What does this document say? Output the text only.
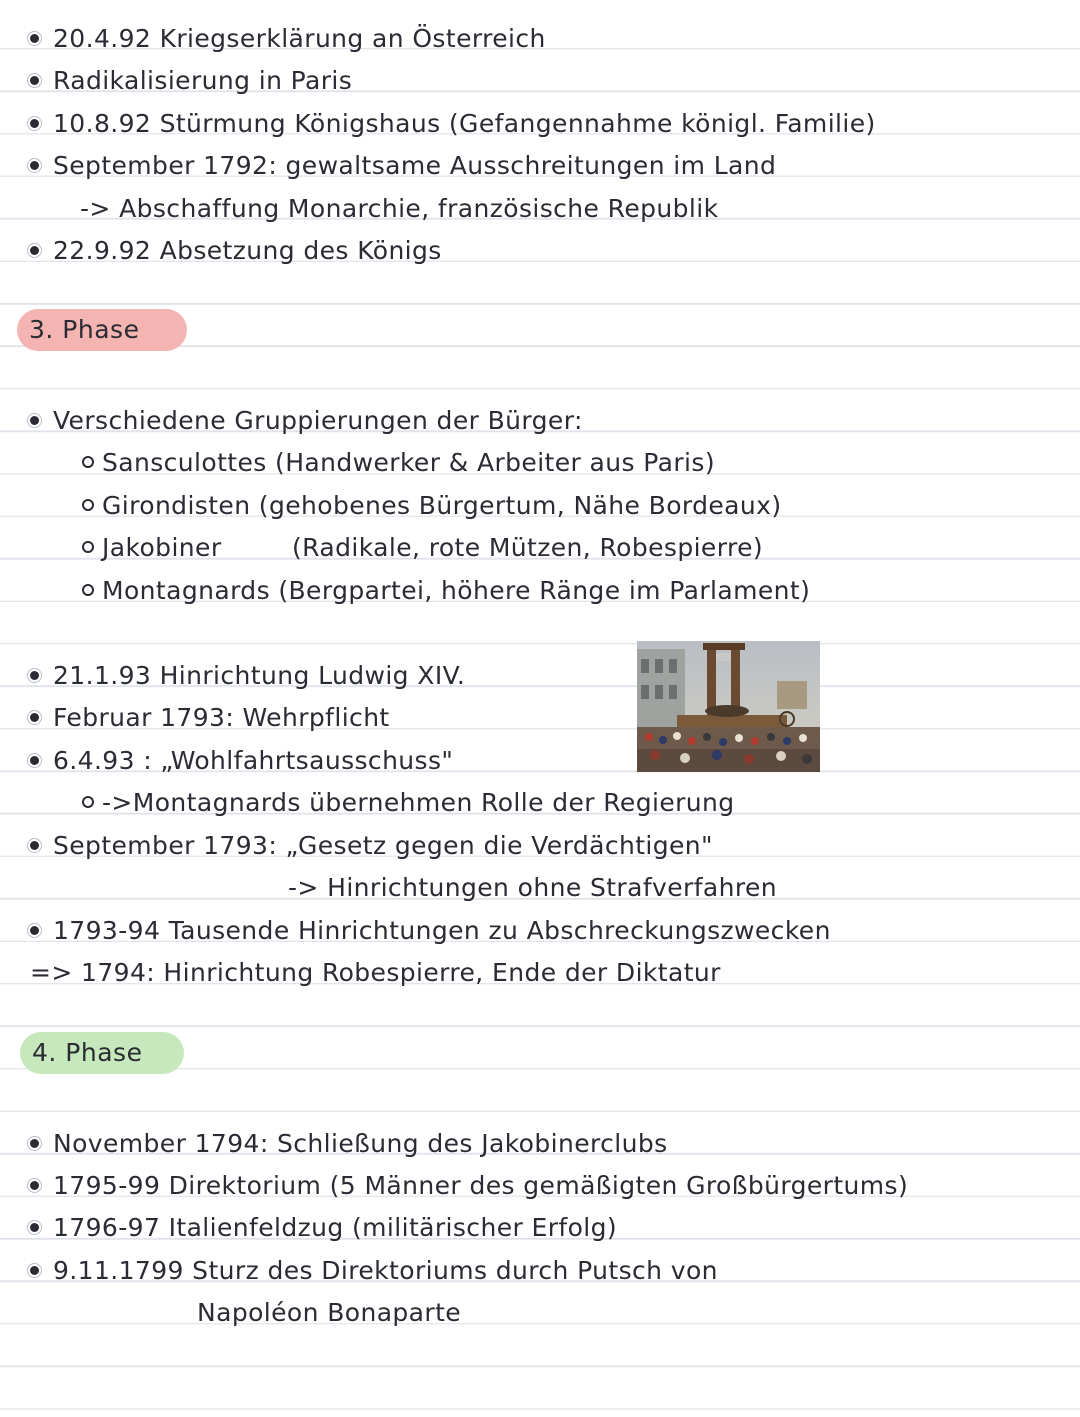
20.4.92 Kriegserklärung an Österreich
Radikalisierung in Paris
10.8.92 Stürmung Königshaus (Gefangennahme königl. Familie)
September 1792: gewaltsame Ausschreitungen im Land
-> Abschaffung Monarchie, französische Republik
22.9.92 Absetzung des Königs
3. Phase
Verschiedene Gruppierungen der Bürger:
Sansculottes (Handwerker & Arbeiter aus Paris)
Girondisten (gehobenes Bürgertum, Nähe Bordeaux)
Jakobiner	(Radikale, rote Mützen, Robespierre)
Montagnards (Bergpartei, höhere Ränge im Parlament)
21.1.93 Hinrichtung Ludwig XIV.
Februar 1793: Wehrpflicht
6.4.93 : „Wohlfahrtsausschuss"
->Montagnards übernehmen Rolle der Regierung
September 1793: „Gesetz gegen die Verdächtigen"
-> Hinrichtungen ohne Strafverfahren
1793-94 Tausende Hinrichtungen zu Abschreckungszwecken
=> 1794: Hinrichtung Robespierre, Ende der Diktatur
4. Phase
November 1794: Schließung des Jakobinerclubs
1795-99 Direktorium (5 Männer des gemäßigten Großbürgertums)
1796-97 Italienfeldzug (militärischer Erfolg)
9.11.1799 Sturz des Direktoriums durch Putsch von
Napoléon Bonaparte
